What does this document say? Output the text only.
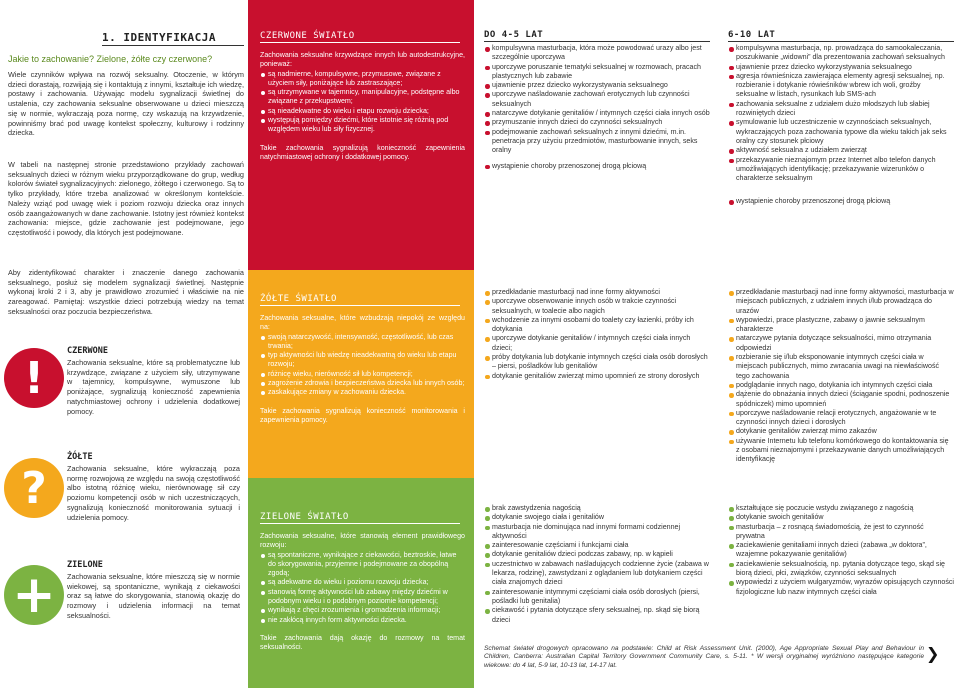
1. IDENTYFIKACJA
Jakie to zachowanie? Zielone, żółte czy czerwone?

Wiele czynników wpływa na rozwój seksualny. Otoczenie, w którym dzieci dorastają, rozwijają się i kontaktują z innymi, kształtuje ich wiedzę, postawy i zachowania. Używając modelu sygnalizacji świetlnej do ustalenia, czy zachowania seksualne obserwowane u dzieci mieszczą się w normie, wykraczają poza normę, czy wskazują na krzywdzenie, powinniśmy brać pod uwagę kontekst społeczny, kulturowy i rodzinny dziecka.

W tabeli na następnej stronie przedstawiono przykłady zachowań seksualnych dzieci w różnym wieku przyporządkowane do grup, według kolorów świateł sygnalizacyjnych: zielonego, żółtego i czerwonego. Są to tylko przykłady, które trzeba analizować w określonym kontekście. Należy wziąć pod uwagę wiek i poziom rozwoju dziecka oraz innych osób zaangażowanych w dane zachowanie. Istotny jest również kontekst zachowania: miejsce, gdzie zachowanie jest podejmowane, jego częstotliwość i powody, dla których jest podejmowane.

Aby zidentyfikować charakter i znaczenie danego zachowania seksualnego, posłuż się modelem sygnalizacji świetlnej. Następnie wykonaj kroki 2 i 3, aby je prawidłowo zrozumieć i właściwie na nie zareagować. Pamiętaj: wszystkie dzieci potrzebują wiedzy na temat seksualności oraz poczucia bezpieczeństwa.

!
CZERWONE

Zachowania seksualne, które są problematyczne lub krzywdzące, związane z użyciem siły, utrzymywane w tajemnicy, kompulsywne, wymuszone lub poniżające, sygnalizują konieczność zapewnienia natychmiastowej ochrony i udzielenia dodatkowej pomocy.

?
ŻÓŁTE

Zachowania seksualne, które wykraczają poza normę rozwojową ze względu na swoją częstotliwość albo istotną różnicę wieku, nierównowagę sił czy poziomu kompetencji osób w nich uczestniczących, sygnalizują konieczność monitorowania sytuacji i udzielenia pomocy.

+	ZIELONE

Zachowania seksualne, które mieszczą się w normie wiekowej, są spontaniczne, wynikają z ciekawości oraz są łatwe do skorygowania, stanowią okazję do rozmowy i udzielenia informacji na temat seksualności.

CZERWONE ŚWIATŁO

Zachowania seksualne krzywdzące innych lub autodestrukcyjne, ponieważ:

są nadmierne, kompulsywne, przymusowe, związane z użyciem siły, poniżające lub zastraszające;
są utrzymywane w tajemnicy, manipulacyjne, podstępne albo związane z przekupstwem;
są nieadekwatne do wieku i etapu rozwoju dziecka;
występują pomiędzy dziećmi, które istotnie się różnią pod względem wieku lub siły fizycznej.

Takie zachowania sygnalizują konieczność zapewnienia natychmiastowej ochrony i dodatkowej pomocy.

ŻÓŁTE ŚWIATŁO

Zachowania seksualne, które wzbudzają niepokój ze względu na:

swoją natarczywość, intensywność, częstotliwość, lub czas trwania;
typ aktywności lub wiedzę nieadekwatną do wieku lub etapu rozwoju;
różnicę wieku, nierówność sił lub kompetencji;
zagrożenie zdrowia i bezpieczeństwa dziecka lub innych osób;
zaskakujące zmiany w zachowaniu dziecka.

Takie zachowania sygnalizują konieczność monitorowania i zapewnienia pomocy.

ZIELONE ŚWIATŁO

Zachowania seksualne, które stanowią element prawidłowego rozwoju:

są spontaniczne, wynikające z ciekawości, beztroskie, łatwe do skorygowania, przyjemne i podejmowane za obopólną zgodą;
są adekwatne do wieku i poziomu rozwoju dziecka;
stanowią formę aktywności lub zabawy między dziećmi w podobnym wieku i o podobnym poziomie kompetencji;
wynikają z chęci zrozumienia i gromadzenia informacji;
nie zakłócą innych form aktywności dziecka.

Takie zachowania dają okazję do rozmowy na temat seksualności.

DO 4-5 LAT
kompulsywna masturbacja, która może powodować urazy albo jest szczególnie uporczywa
uporczywe poruszanie tematyki seksualnej w rozmowach, pracach plastycznych lub zabawie
ujawnienie przez dziecko wykorzystywania seksualnego
uporczywe naśladowanie zachowań erotycznych lub czynności seksualnych
natarczywe dotykanie genitaliów / intymnych części ciała innych osób
przymuszanie innych dzieci do czynności seksualnych
podejmowanie zachowań seksualnych z innymi dziećmi, m.in. penetracja przy użyciu przedmiotów, masturbowanie innych, seks oralny
wystąpienie choroby przenoszonej drogą płciową
przedkładanie masturbacji nad inne formy aktywności
uporczywe obserwowanie innych osób w trakcie czynności seksualnych, w toalecie albo nagich
wchodzenie za innymi osobami do toalety czy łazienki, próby ich dotykania
uporczywe dotykanie genitaliów / intymnych części ciała innych dzieci;
próby dotykania lub dotykanie intymnych części ciała osób dorosłych – piersi, pośladków lub genitaliów
dotykanie genitaliów zwierząt mimo upomnień ze strony dorosłych
brak zawstydzenia nagością
dotykanie swojego ciała i genitaliów
masturbacja nie dominująca nad innymi formami codziennej aktywności
zainteresowanie częściami i funkcjami ciała
dotykanie genitaliów dzieci podczas zabawy, np. w kąpieli
uczestnictwo w zabawach naśladujących codzienne życie (zabawa w lekarza, rodzinę), zawstydzani z oglądaniem lub dotykaniem części ciała znajomych dzieci
zainteresowanie intymnymi częściami ciała osób dorosłych (piersi, pośladki lub genitalia)
ciekawość i pytania dotyczące sfery seksualnej, np. skąd się biorą dzieci
6-10 LAT
kompulsywna masturbacja, np. prowadząca do samookaleczania, poszukiwanie „widowni” dla prezentowania zachowań seksualnych
ujawnienie przez dziecko wykorzystywania seksualnego
agresja równieśnicza zawierająca elementy agresji seksualnej, np. rozbieranie i dotykanie rówieśników wbrew ich woli, groźby seksualne w listach, rysunkach lub SMS-ach
zachowania seksualne z udziałem dużo młodszych lub słabiej rozwiniętych dzieci
symulowanie lub uczestniczenie w czynnościach seksualnych, wykraczających poza zachowania typowe dla wieku takich jak seks oralny czy stosunek płciowy
aktywność seksualna z udziałem zwierząt
przekazywanie nieznajomym przez Internet albo telefon danych umożliwiających identyfikację; przekazywanie wizerunków o charakterze seksualnym
wystąpienie choroby przenoszonej drogą płciową
przedkładanie masturbacji nad inne formy aktywności, masturbacja w miejscach publicznych, z udziałem innych i/lub prowadząca do urazów
wypowiedzi, prace plastyczne, zabawy o jawnie seksualnym charakterze
natarczywe pytania dotyczące seksualności, mimo otrzymania odpowiedzi
rozbieranie się i/lub eksponowanie intymnych części ciała w miejscach publicznych, mimo zwracania uwagi na niewłaściwość tego zachowania
podglądanie innych nago, dotykania ich intymnych części ciała
dążenie do obnażania innych dzieci (ściąganie spodni, podnoszenie spódniczek) mimo upomnień
uporczywe naśladowanie relacji erotycznych, angażowanie w te czynności innych dzieci i dorosłych
dotykanie genitaliów zwierząt mimo zakazów
używanie Internetu lub telefonu komórkowego do kontaktowania się z osobami nieznajomymi i przekazywanie danych umożliwiających identyfikację
kształtujące się poczucie wstydu związanego z nagością
dotykanie swoich genitaliów
masturbacja – z rosnącą świadomością, że jest to czynność prywatna
zaciekawienie genitaliami innych dzieci (zabawa „w doktora”, wzajemne pokazywanie genitaliów)
zaciekawienie seksualnością, np. pytania dotyczące tego, skąd się biorą dzieci, płci, związków, czynności seksualnych
wypowiedzi z użyciem wulgaryzmów, wyrazów opisujących czynności fizjologiczne lub nazw intymnych części ciała

Schemat świateł drogowych opracowano na podstawie: Child at Risk Assessment Unit. (2000), Age Appropriate Sexual Play and Behaviour in Children, Canberra: Australian Capital Territory Government Community Care, s. 5-11. * W wersji oryginalnej wyróżniono następujące kategorie wiekowe: do 4 lat, 5-9 lat, 10-13 lat, 14-17 lat.

❯
